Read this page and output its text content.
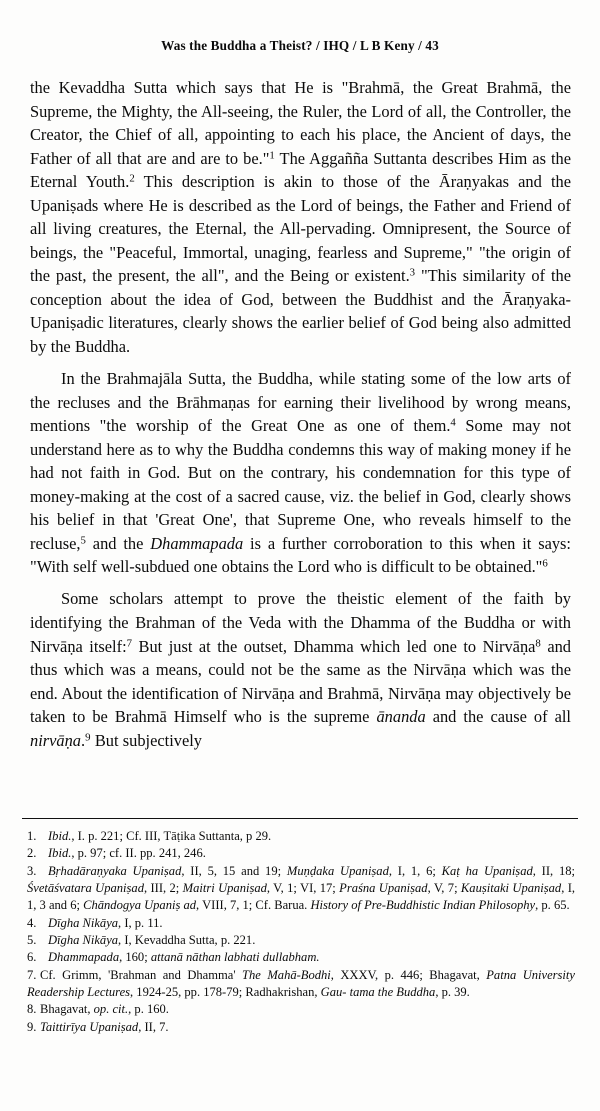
Was the Buddha a Theist? / IHQ / L B Keny / 43
the Kevaddha Sutta which says that He is "Brahmā, the Great Brahmā, the Supreme, the Mighty, the All-seeing, the Ruler, the Lord of all, the Controller, the Creator, the Chief of all, appointing to each his place, the Ancient of days, the Father of all that are and are to be."$^1$ The Aggañña Suttanta describes Him as the Eternal Youth.$^2$ This description is akin to those of the Āraṇyakas and the Upaniṣads where He is described as the Lord of beings, the Father and Friend of all living creatures, the Eternal, the All-pervading. Omnipresent, the Source of beings, the "Peaceful, Immortal, unaging, fearless and Supreme," "the origin of the past, the present, the all", and the Being or existent.$^3$ "This similarity of the conception about the idea of God, between the Buddhist and the Āraṇyaka-Upaniṣadic literatures, clearly shows the earlier belief of God being also admitted by the Buddha.
In the Brahmajāla Sutta, the Buddha, while stating some of the low arts of the recluses and the Brāhmaṇas for earning their livelihood by wrong means, mentions "the worship of the Great One as one of them.$^4$ Some may not understand here as to why the Buddha condemns this way of making money if he had not faith in God. But on the contrary, his condemnation for this type of money-making at the cost of a sacred cause, viz. the belief in God, clearly shows his belief in that 'Great One', that Supreme One, who reveals himself to the recluse,$^5$ and the Dhammapada is a further corroboration to this when it says: "With self well-subdued one obtains the Lord who is difficult to be obtained."$^6$
Some scholars attempt to prove the theistic element of the faith by identifying the Brahman of the Veda with the Dhamma of the Buddha or with Nirvāṇa itself:$^7$ But just at the outset, Dhamma which led one to Nirvāṇa$^8$ and thus which was a means, could not be the same as the Nirvāṇa which was the end. About the identification of Nirvāṇa and Brahmā, Nirvāṇa may objectively be taken to be Brahmā Himself who is the supreme ānanda and the cause of all nirvāṇa.$^9$ But subjectively
1. Ibid., I. p. 221; Cf. III, Tāṭika Suttanta, p 29.
2. Ibid., p. 97; cf. II. pp. 241, 246.
3. Bṛhadāraṇyaka Upaniṣad, II, 5, 15 and 19; Muṇḍaka Upaniṣad, I, 1, 6; Kaṭ ha Upaniṣad, II, 18; Śvetāśvatara Upaniṣad, III, 2; Maitri Upaniṣad, V, 1; VI, 17; Praśna Upaniṣad, V, 7; Kauṣitaki Upaniṣad, I, 1, 3 and 6; Chāndogya Upaniṣ ad, VIII, 7, 1; Cf. Barua. History of Pre-Buddhistic Indian Philosophy, p. 65.
4. Dīgha Nikāya, I, p. 11.
5. Dīgha Nikāya, I, Kevaddha Sutta, p. 221.
6. Dhammapada, 160; attanā nāthan labhati dullabham.
7. Cf. Grimm, 'Brahman and Dhamma' The Mahā-Bodhi, XXXV, p. 446; Bhagavat, Patna University Readership Lectures, 1924-25, pp. 178-79; Radhakrishan, Gau- tama the Buddha, p. 39.
8. Bhagavat, op. cit., p. 160.
9. Taittirīya Upaniṣad, II, 7.
